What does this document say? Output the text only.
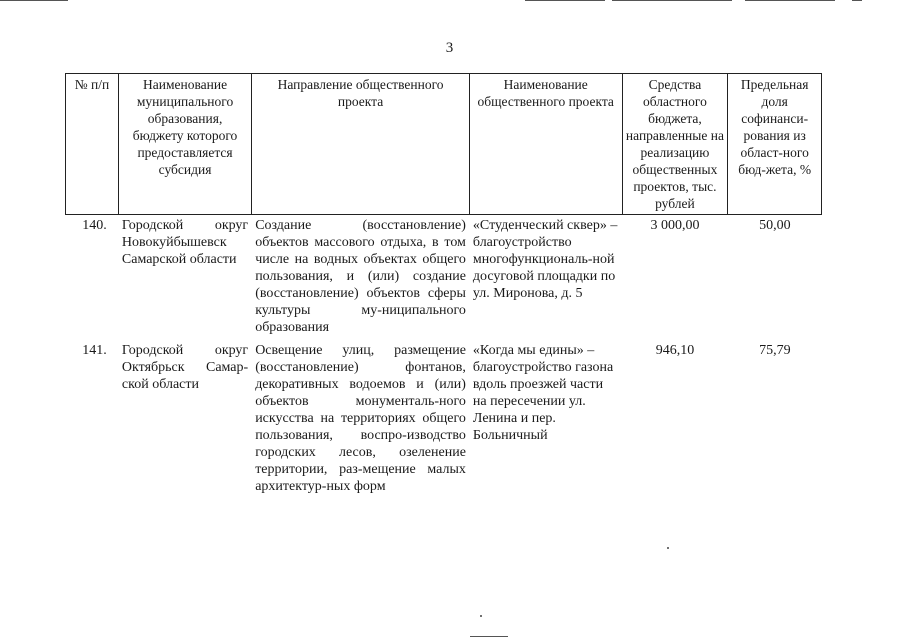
3
№ п/п	Наименование муниципального образования, бюджету которого предоставляется субсидия	Направление общественного проекта	Наименование общественного проекта	Средства областного бюджета, направленные на реализацию общественных проектов, тыс. рублей	Предельная доля софинанси-рования из област-ного бюд-жета, %
140.	Городской округ Новокуйбышевск Самарской области	Создание (восстановление) объектов массового отдыха, в том числе на водных объектах общего пользования, и (или) создание (восстановление) объектов сферы культуры му-ниципального образования	«Студенческий сквер» – благоустройство многофункциональ-ной досуговой площадки по ул. Миронова, д. 5	3 000,00	50,00
141.	Городской округ Октябрьск Самар-ской области	Освещение улиц, размещение (восстановление) фонтанов, декоративных водоемов и (или) объектов монументаль-ного искусства на территориях общего пользования, воспро-изводство городских лесов, озеленение территории, раз-мещение малых архитектур-ных форм	«Когда мы едины» – благоустройство газона вдоль проезжей части на пересечении ул. Ленина и пер. Больничный	946,10	75,79
